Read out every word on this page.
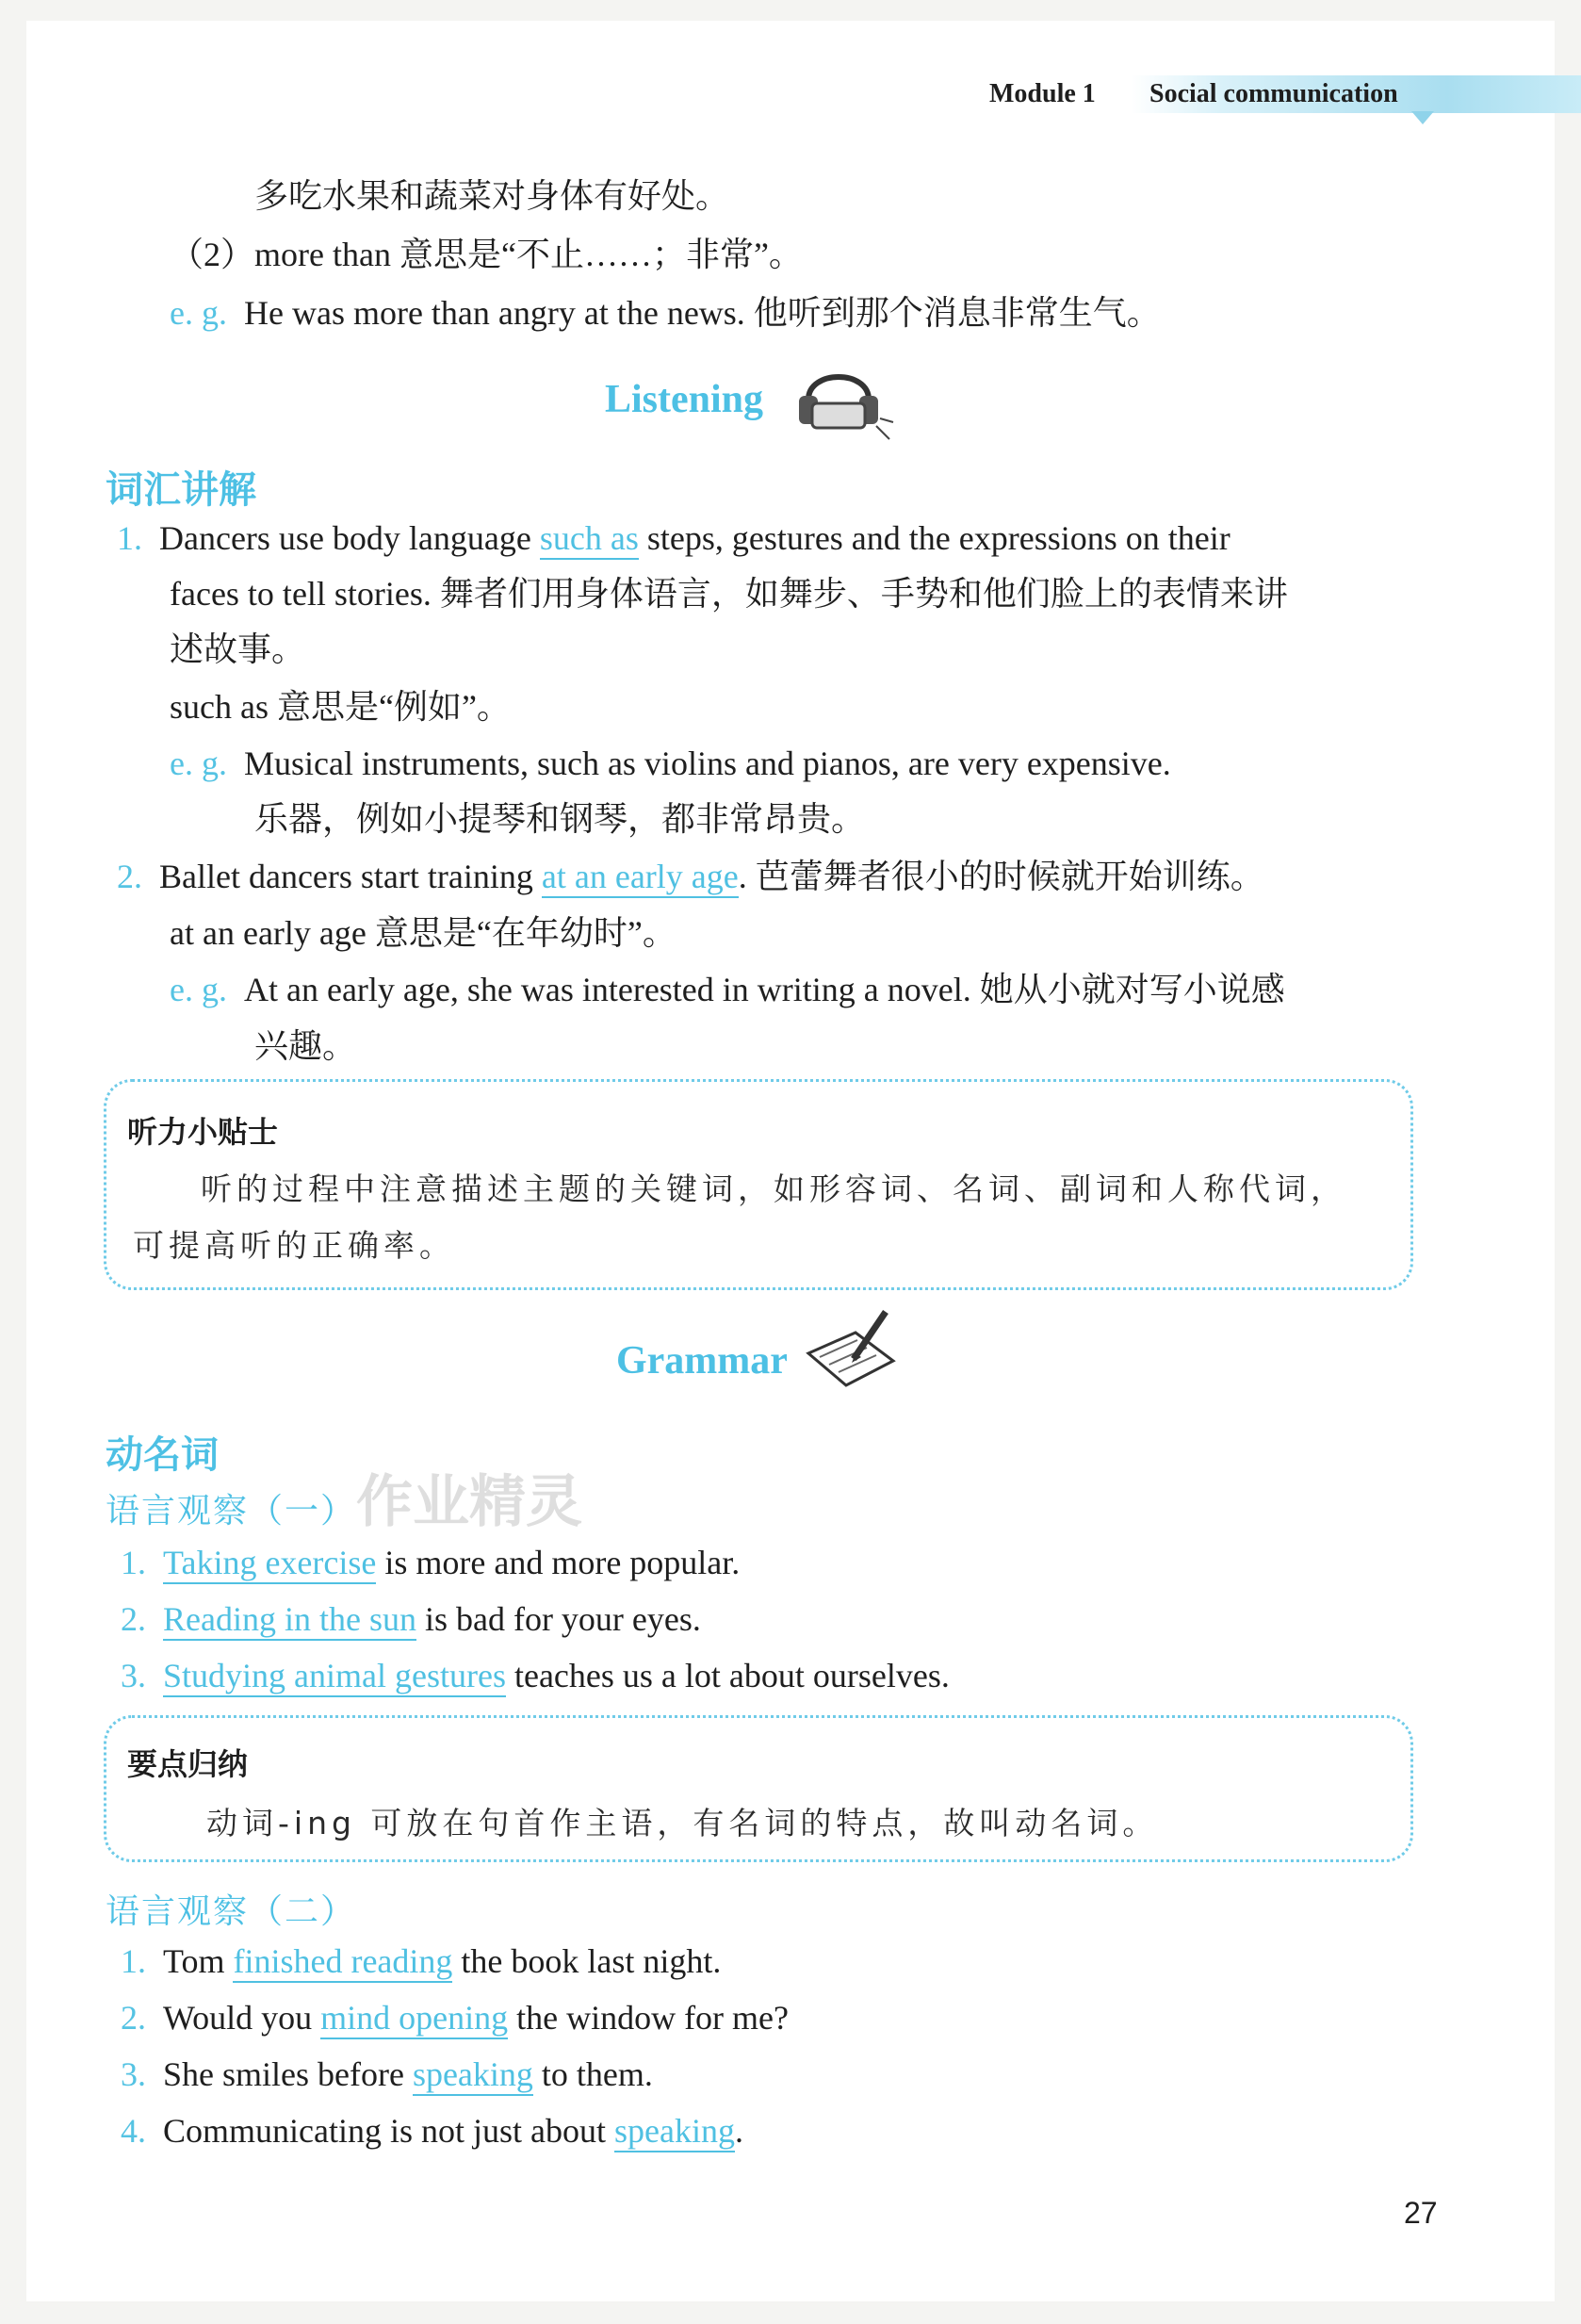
Module 1 Social communication
多吃水果和蔬菜对身体有好处。
（2）more than 意思是“不止……；非常”。
e. g. He was more than angry at the news. 他听到那个消息非常生气。
Listening
词汇讲解
1. Dancers use body language such as steps, gestures and the expressions on their
faces to tell stories. 舞者们用身体语言，如舞步、手势和他们脸上的表情来讲
述故事。
such as 意思是“例如”。
e. g. Musical instruments, such as violins and pianos, are very expensive.
乐器，例如小提琴和钢琴，都非常昂贵。
2. Ballet dancers start training at an early age. 芭蕾舞者很小的时候就开始训练。
at an early age 意思是“在年幼时”。
e. g. At an early age, she was interested in writing a novel. 她从小就对写小说感
兴趣。
听力小贴士
听的过程中注意描述主题的关键词，如形容词、名词、副词和人称代词，
可提高听的正确率。
Grammar
动名词
语言观察（一） 作业精灵
1. Taking exercise is more and more popular.
2. Reading in the sun is bad for your eyes.
3. Studying animal gestures teaches us a lot about ourselves.
要点归纳
动词-ing 可放在句首作主语，有名词的特点，故叫动名词。
语言观察（二）
1. Tom finished reading the book last night.
2. Would you mind opening the window for me?
3. She smiles before speaking to them.
4. Communicating is not just about speaking.
27
